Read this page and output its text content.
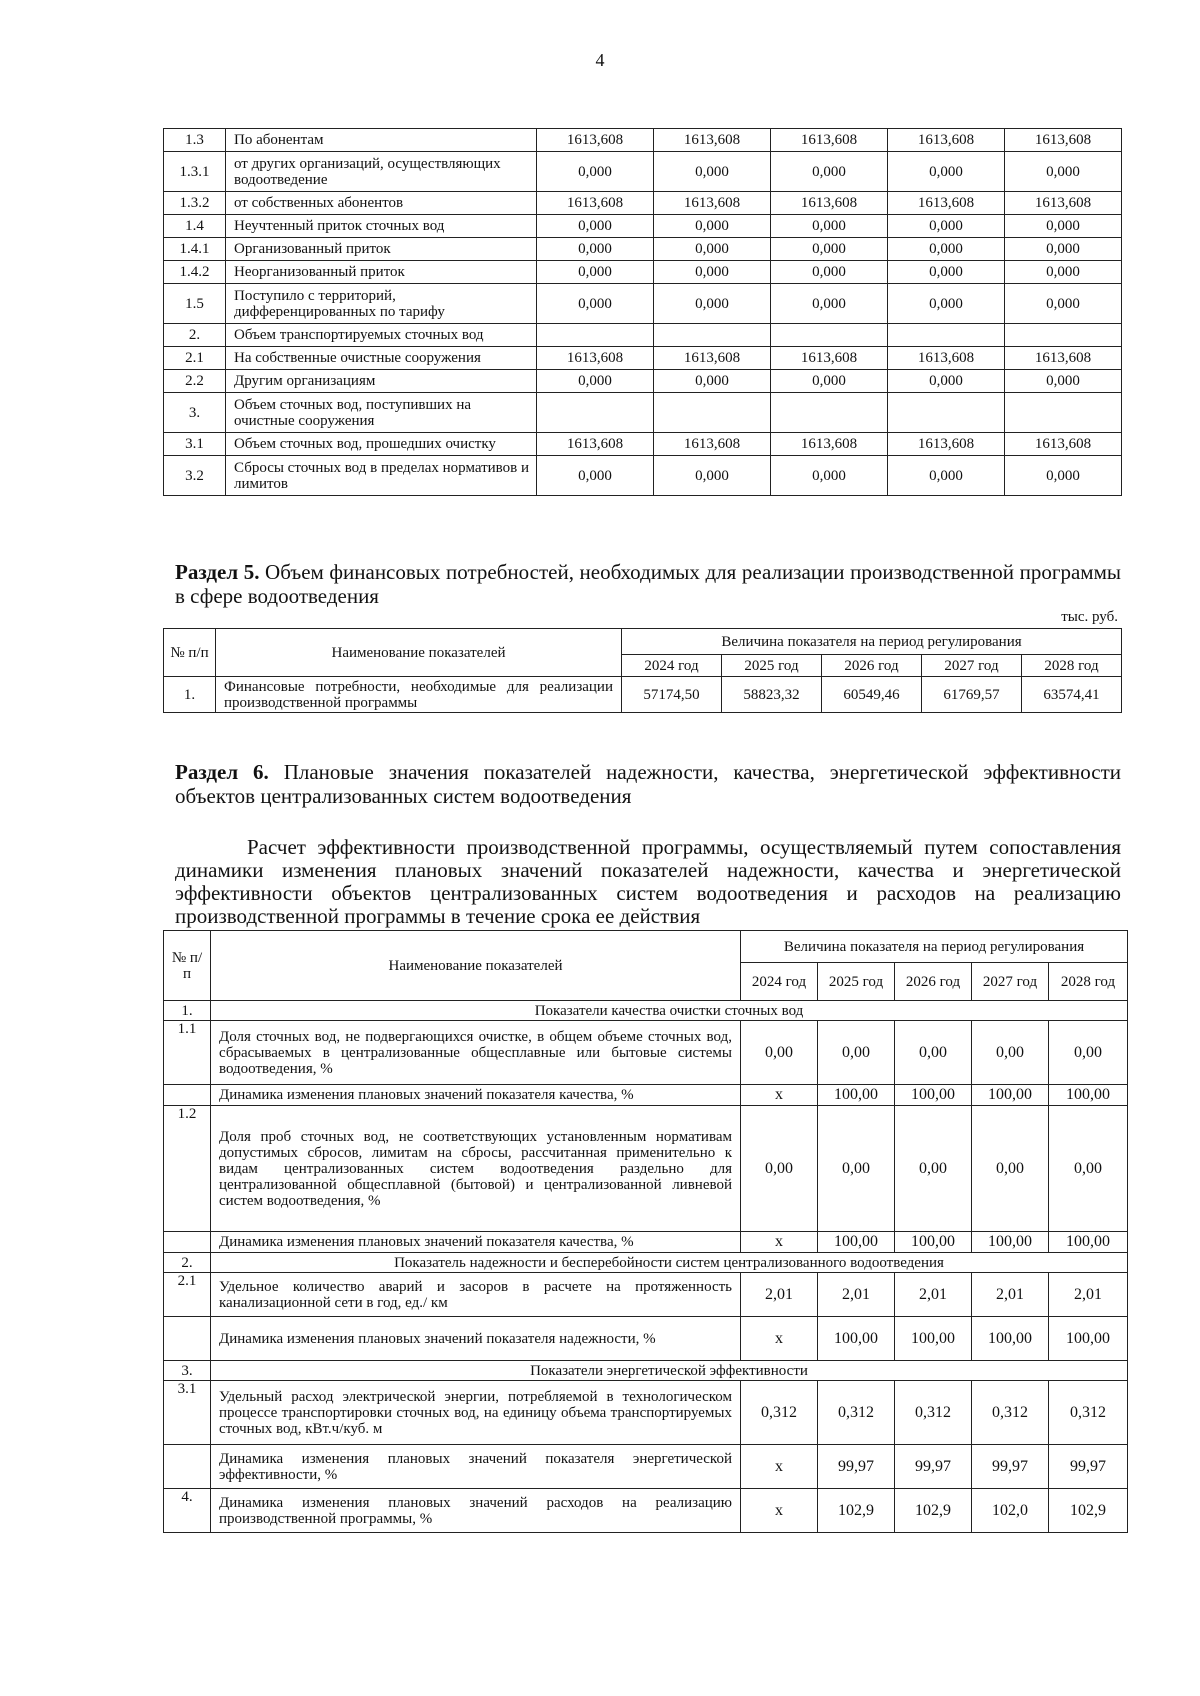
4
1.3	По абонентам	1613,608	1613,608	1613,608	1613,608	1613,608
1.3.1	от других организаций, осуществляющих водоотведение	0,000	0,000	0,000	0,000	0,000
1.3.2	от собственных абонентов	1613,608	1613,608	1613,608	1613,608	1613,608
1.4	Неучтенный приток сточных вод	0,000	0,000	0,000	0,000	0,000
1.4.1	Организованный приток	0,000	0,000	0,000	0,000	0,000
1.4.2	Неорганизованный приток	0,000	0,000	0,000	0,000	0,000
1.5	Поступило с территорий, дифференцированных по тарифу	0,000	0,000	0,000	0,000	0,000
2.	Объем транспортируемых сточных вод					
2.1	На собственные очистные сооружения	1613,608	1613,608	1613,608	1613,608	1613,608
2.2	Другим организациям	0,000	0,000	0,000	0,000	0,000
3.	Объем сточных вод, поступивших на очистные сооружения					
3.1	Объем сточных вод, прошедших очистку	1613,608	1613,608	1613,608	1613,608	1613,608
3.2	Сбросы сточных вод в пределах нормативов и лимитов	0,000	0,000	0,000	0,000	0,000
Раздел 5. Объем финансовых потребностей, необходимых для реализации производственной программы в сфере водоотведения
тыс. руб.
№ п/п	Наименование показателей	Величина показателя на период регулирования				
		2024 год	2025 год	2026 год	2027 год	2028 год
1.	Финансовые потребности, необходимые для реализации производственной программы	57174,50	58823,32	60549,46	61769,57	63574,41
Раздел 6. Плановые значения показателей надежности, качества, энергетической эффективности объектов централизованных систем водоотведения
Расчет эффективности производственной программы, осуществляемый путем сопоставления динамики изменения плановых значений показателей надежности, качества и энергетической эффективности объектов централизованных систем водоотведения и расходов на реализацию производственной программы в течение срока ее действия
№ п/п	Наименование показателей	Величина показателя на период регулирования				
		2024 год	2025 год	2026 год	2027 год	2028 год
1.	Показатели качества очистки сточных вод					
1.1	Доля сточных вод, не подвергающихся очистке, в общем объеме сточных вод, сбрасываемых в централизованные общесплавные или бытовые системы водоотведения, %	0,00	0,00	0,00	0,00	0,00
	Динамика изменения плановых значений показателя качества, %	х	100,00	100,00	100,00	100,00
1.2	Доля проб сточных вод, не соответствующих установленным нормативам допустимых сбросов, лимитам на сбросы, рассчитанная применительно к видам централизованных систем водоотведения раздельно для централизованной общесплавной (бытовой) и централизованной ливневой систем водоотведения, %	0,00	0,00	0,00	0,00	0,00
	Динамика изменения плановых значений показателя качества, %	х	100,00	100,00	100,00	100,00
2.	Показатель надежности и бесперебойности систем централизованного водоотведения					
2.1	Удельное количество аварий и засоров в расчете на протяженность канализационной сети в год, ед./ км	2,01	2,01	2,01	2,01	2,01
	Динамика изменения плановых значений показателя надежности, %	х	100,00	100,00	100,00	100,00
3.	Показатели энергетической эффективности					
3.1	Удельный расход электрической энергии, потребляемой в технологическом процессе транспортировки сточных вод, на единицу объема транспортируемых сточных вод, кВт.ч/куб. м	0,312	0,312	0,312	0,312	0,312
	Динамика изменения плановых значений показателя энергетической эффективности, %	х	99,97	99,97	99,97	99,97
4.	Динамика изменения плановых значений расходов на реализацию производственной программы, %	х	102,9	102,9	102,0	102,9
